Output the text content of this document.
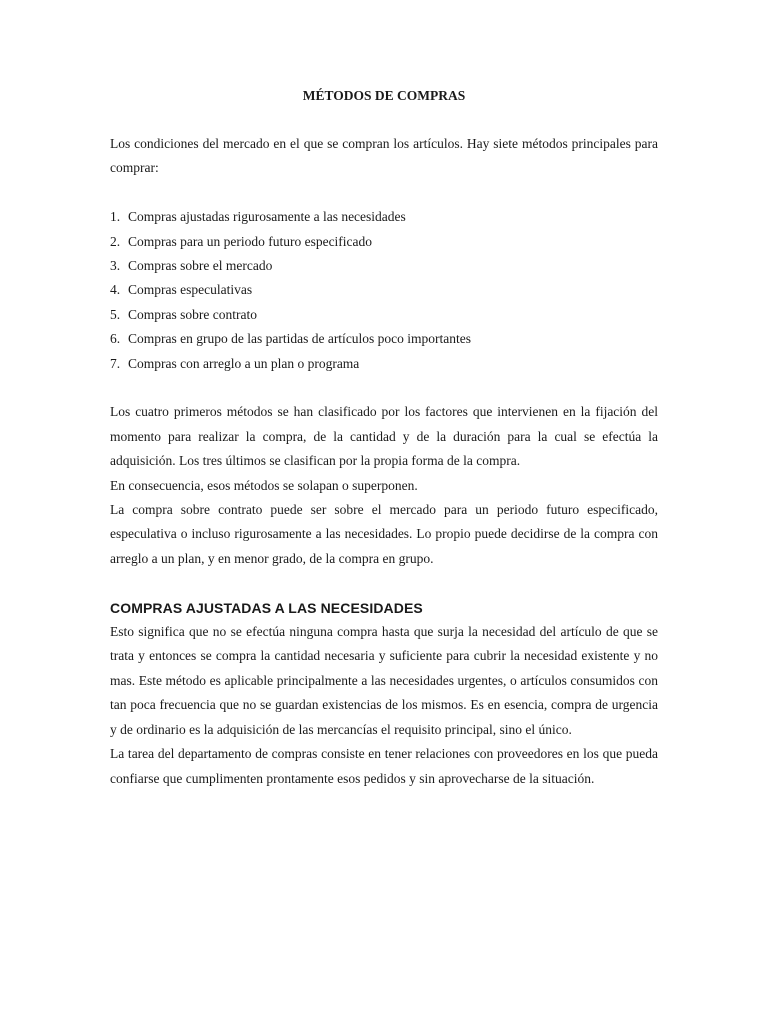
MÉTODOS DE COMPRAS

Los condiciones del mercado en el que se compran los artículos. Hay siete métodos principales para comprar:

1. Compras ajustadas rigurosamente a las necesidades
2. Compras para un periodo futuro especificado
3. Compras sobre el mercado
4. Compras especulativas
5. Compras sobre contrato
6. Compras en grupo de las partidas de artículos poco importantes
7. Compras con arreglo a un plan o programa

Los cuatro primeros métodos se han clasificado por los factores que intervienen en la fijación del momento para realizar la compra, de la cantidad y de la duración para la cual se efectúa la adquisición. Los tres últimos se clasifican por la propia forma de la compra.

En consecuencia, esos métodos se solapan o superponen.

La compra sobre contrato puede ser sobre el mercado para un periodo futuro especificado, especulativa o incluso rigurosamente a las necesidades. Lo propio puede decidirse de la compra con arreglo a un plan, y en menor grado, de la compra en grupo.

COMPRAS AJUSTADAS A LAS NECESIDADES

Esto significa que no se efectúa ninguna compra hasta que surja la necesidad del artículo de que se trata y entonces se compra la cantidad necesaria y suficiente para cubrir la necesidad existente y no mas. Este método es aplicable principalmente a las necesidades urgentes, o artículos consumidos con tan poca frecuencia que no se guardan existencias de los mismos. Es en esencia, compra de urgencia y de ordinario es la adquisición de las mercancías el requisito principal, sino el único.

La tarea del departamento de compras consiste en tener relaciones con proveedores en los que pueda confiarse que cumplimenten prontamente esos pedidos y sin aprovecharse de la situación.
